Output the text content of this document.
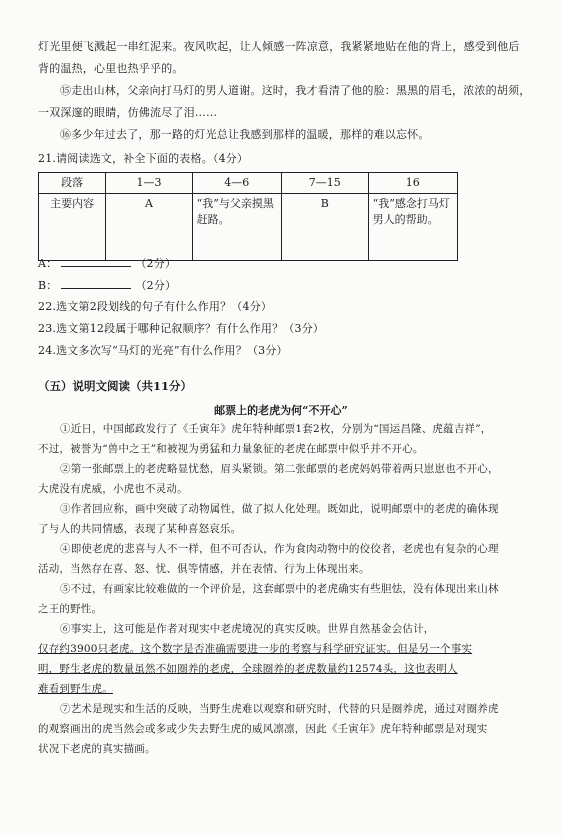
灯光里便飞溅起一串红泥来。夜风吹起，让人倾感一阵凉意，我紧紧地贴在他的背上，感受到他后
背的温热，心里也热乎乎的。
⑮走出山林，父亲向打马灯的男人道谢。这时，我才看清了他的脸：黑黑的眉毛，浓浓的胡须，
一双深邃的眼睛，仿佛流尽了泪……
⑯多少年过去了，那一路的灯光总让我感到那样的温暖，那样的难以忘怀。
21.请阅读选文，补全下面的表格。（4分）
段落	1—3	4—6	7—15	16
主要内容	A	“我”与父亲摸黑赶路。	B	“我”感念打马灯男人的帮助。
A：	（2分）
B：	（2分）
22.选文第2段划线的句子有什么作用？（4分）
23.选文第12段属于哪种记叙顺序？有什么作用？（3分）
24.选文多次写“马灯的光亮”有什么作用？（3分）
（五）说明文阅读（共11分）
邮票上的老虎为何“不开心”
①近日，中国邮政发行了《壬寅年》虎年特种邮票1套2枚，分别为“国运昌隆、虎蕴吉祥”，
不过，被誉为“兽中之王”和被视为勇猛和力量象征的老虎在邮票中似乎并不开心。
②第一张邮票上的老虎略显忧愁，眉头紧锁。第二张邮票的老虎妈妈带着两只崽崽也不开心，
大虎没有虎威，小虎也不灵动。
③作者回应称，画中突破了动物属性，做了拟人化处理。既如此，说明邮票中的老虎的确体现
了与人的共同情感，表现了某种喜怒哀乐。
④即使老虎的悲喜与人不一样，但不可否认，作为食肉动物中的佼佼者，老虎也有复杂的心理
活动，当然存在喜、怒、忧、俱等情感，并在表情、行为上体现出来。
⑤不过，有画家比较难做的一个评价是，这套邮票中的老虎确实有些胆怯，没有体现出来山林
之王的野性。
⑥事实上，这可能是作者对现实中老虎境况的真实反映。世界自然基金会估计，
仅存约3900只老虎。这个数字是否准确需要进一步的考察与科学研究证实。但是另一个事实
明，野生老虎的数量虽然不如圈养的老虎，全球圈养的老虎数量约12574头，这也表明人
难看到野生虎。
⑦艺术是现实和生活的反映，当野生虎难以观察和研究时，代替的只是圈养虎，通过对圈养虎
的观察画出的虎当然会或多或少失去野生虎的威风凛凛，因此《壬寅年》虎年特种邮票是对现实
状况下老虎的真实描画。
